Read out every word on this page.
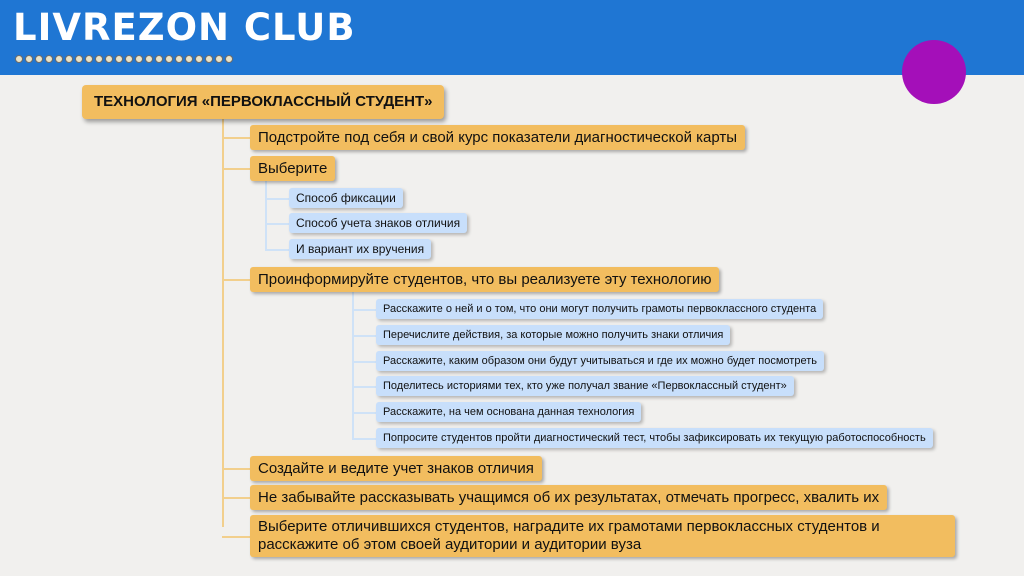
LIVREZON CLUB
ТЕХНОЛОГИЯ «ПЕРВОКЛАССНЫЙ СТУДЕНТ»
Подстройте под себя и свой курс показатели диагностической карты
Выберите
Проинформируйте студентов, что вы реализуете эту технологию
Создайте и ведите учет знаков отличия
Не забывайте рассказывать учащимся об их результатах, отмечать прогресс, хвалить их
Выберите отличившихся студентов, наградите их грамотами первоклассных студентов и расскажите об этом своей аудитории и аудитории вуза
Способ фиксации
Способ учета знаков отличия
И вариант их вручения
Расскажите о ней и о том, что они могут получить грамоты первоклассного студента
Перечислите действия, за которые можно получить знаки отличия
Расскажите, каким образом они будут учитываться и где их можно будет посмотреть
Поделитесь историями тех, кто уже получал звание «Первоклассный студент»
Расскажите, на чем основана данная технология
Попросите студентов пройти диагностический тест, чтобы зафиксировать их текущую работоспособность
